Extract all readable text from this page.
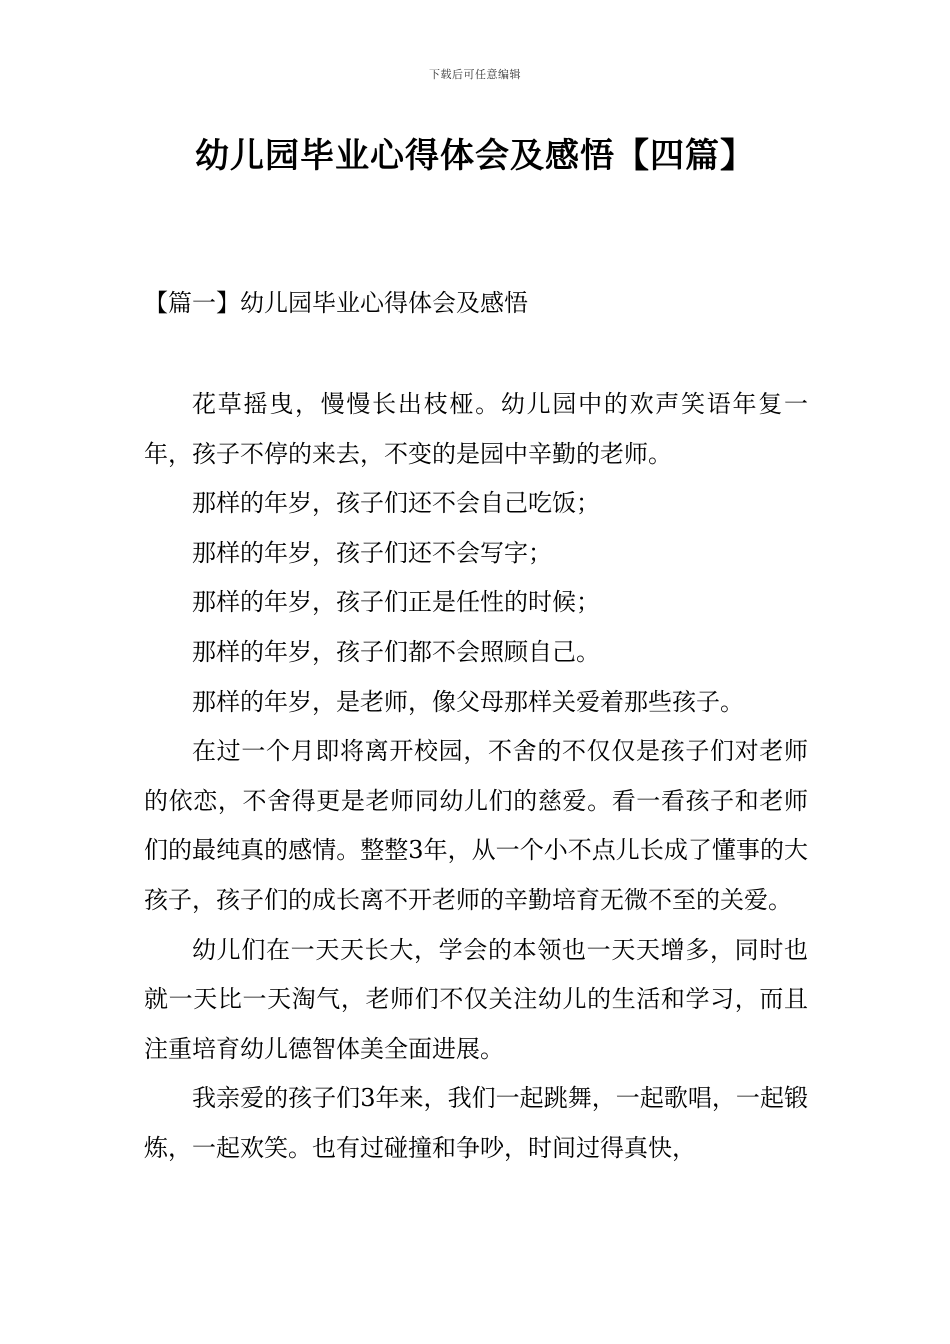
下载后可任意编辑
幼儿园毕业心得体会及感悟【四篇】
【篇一】幼儿园毕业心得体会及感悟

花草摇曳，慢慢长出枝桠。幼儿园中的欢声笑语年复一年，孩子不停的来去，不变的是园中辛勤的老师。

那样的年岁，孩子们还不会自己吃饭；

那样的年岁，孩子们还不会写字；

那样的年岁，孩子们正是任性的时候；

那样的年岁，孩子们都不会照顾自己。

那样的年岁，是老师，像父母那样关爱着那些孩子。

在过一个月即将离开校园，不舍的不仅仅是孩子们对老师的依恋，不舍得更是老师同幼儿们的慈爱。看一看孩子和老师们的最纯真的感情。整整3年，从一个小不点儿长成了懂事的大孩子，孩子们的成长离不开老师的辛勤培育无微不至的关爱。

幼儿们在一天天长大，学会的本领也一天天增多，同时也就一天比一天淘气，老师们不仅关注幼儿的生活和学习，而且注重培育幼儿德智体美全面进展。

我亲爱的孩子们3年来，我们一起跳舞，一起歌唱，一起锻炼，一起欢笑。也有过碰撞和争吵，时间过得真快，
